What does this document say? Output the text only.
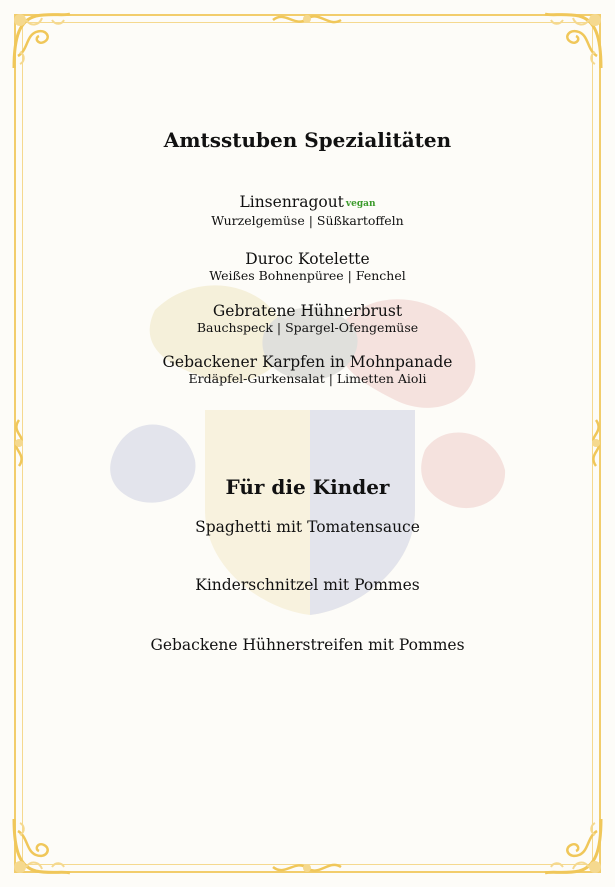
Amtsstuben Spezialitäten
Linsenragout vegan
Wurzelgemüse | Süßkartoffeln
Duroc Kotelette
Weißes Bohnenpüree | Fenchel
Gebratene Hühnerbrust
Bauchspeck | Spargel-Ofengemüse
Gebackener Karpfen in Mohnpanade
Erdäpfel-Gurkensalat | Limetten Aioli
Für die Kinder
Spaghetti mit Tomatensauce
Kinderschnitzel mit Pommes
Gebackene Hühnerstreifen mit Pommes
